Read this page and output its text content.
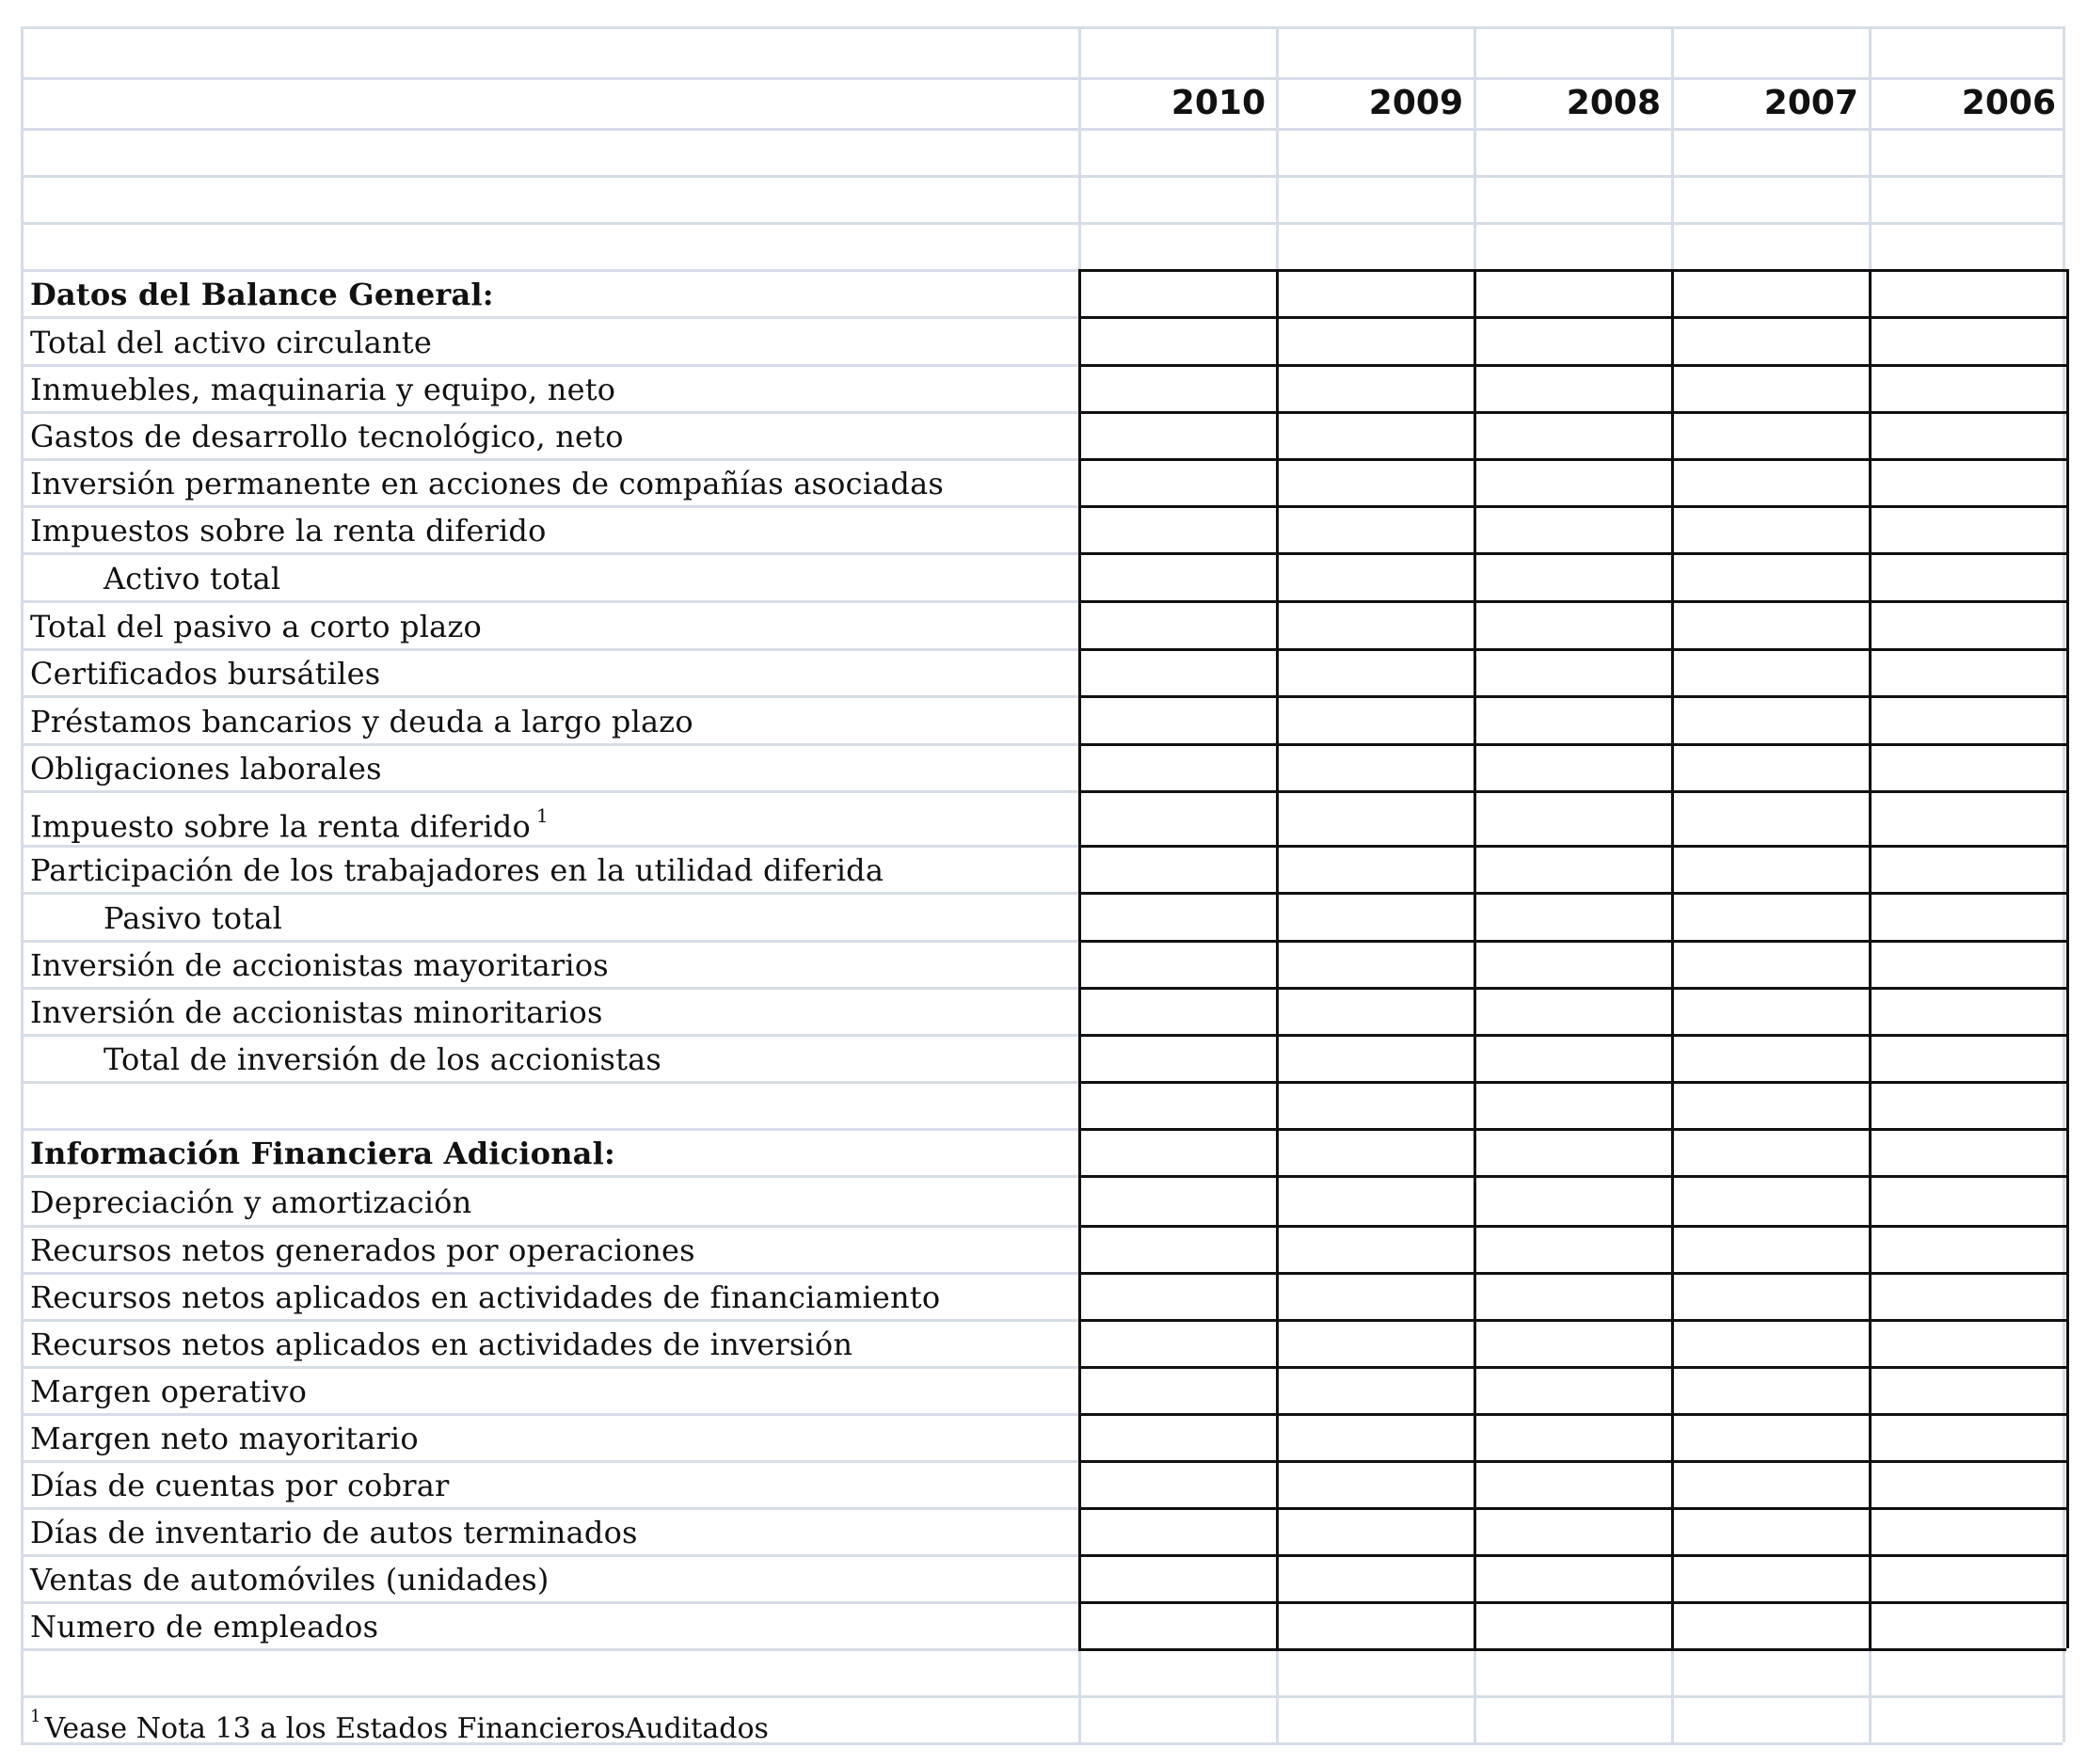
2010	2009	2008	2007	2006
Datos del Balance General:
Total del activo circulante
Inmuebles, maquinaria y equipo, neto
Gastos de desarrollo tecnológico, neto
Inversión permanente en acciones de compañías asociadas
Impuestos sobre la renta diferido
Activo total
Total del pasivo a corto plazo
Certificados bursátiles
Préstamos bancarios y deuda a largo plazo
Obligaciones laborales
Impuesto sobre la renta diferido $^1$
Participación de los trabajadores en la utilidad diferida
Pasivo total
Inversión de accionistas mayoritarios
Inversión de accionistas minoritarios
Total de inversión de los accionistas
Información Financiera Adicional:
Depreciación y amortización
Recursos netos generados por operaciones
Recursos netos aplicados en actividades de financiamiento
Recursos netos aplicados en actividades de inversión
Margen operativo
Margen neto mayoritario
Días de cuentas por cobrar
Días de inventario de autos terminados
Ventas de automóviles (unidades)
Numero de empleados
$^1$ Vease Nota 13 a los Estados FinancierosAuditados
